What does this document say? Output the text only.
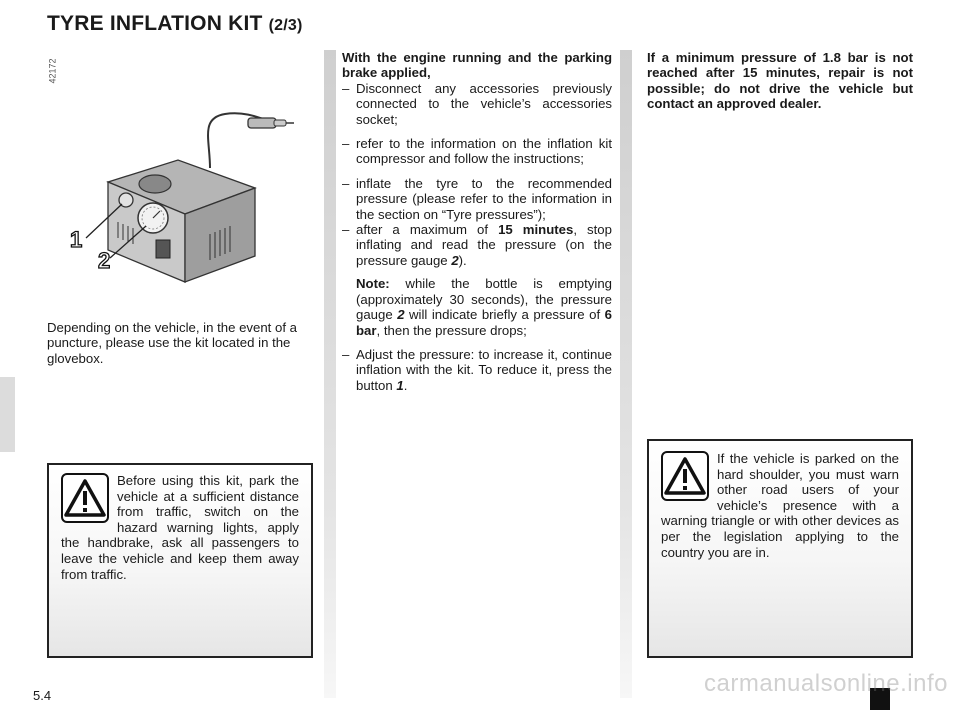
TYRE INFLATION KIT (2/3)
42172
1
2

Depending on the vehicle, in the event of a puncture, please use the kit located in the glovebox.

With the engine running and the parking brake applied,

– Disconnect any accessories previously connected to the vehicle’s accessories socket;
– refer to the information on the inflation kit compressor and follow the instructions;
– inflate the tyre to the recommended pressure (please refer to the information in the section on “Tyre pressures”);
– after a maximum of 15 minutes, stop inflating and read the pressure (on the pressure gauge 2).

Note: while the bottle is emptying (approximately 30 seconds), the pressure gauge 2 will indicate briefly a pressure of 6 bar, then the pressure drops;

– Adjust the pressure: to increase it, continue inflation with the kit. To reduce it, press the button 1.

If a minimum pressure of 1.8 bar is not reached after 15 minutes, repair is not possible; do not drive the vehicle but contact an approved dealer.

Before using this kit, park the vehicle at a sufficient distance from traffic, switch on the hazard warning lights, apply the handbrake, ask all passengers to leave the vehicle and keep them away from traffic.
If the vehicle is parked on the hard shoulder, you must warn other road users of your vehicle’s presence with a warning triangle or with other devices as per the legislation applying to the country you are in.
5.4	carmanualsonline.info
